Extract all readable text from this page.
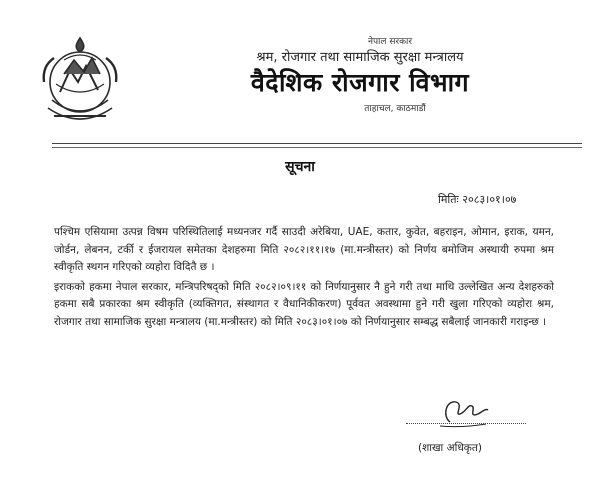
नेपाल सरकार
श्रम, रोजगार तथा सामाजिक सुरक्षा मन्त्रालय
वैदेशिक रोजगार विभाग
ताहाचल, काठमाडौं
सूचना
मितिः २०८३।०१।०७

पश्चिम एसियामा उत्पन्न विषम परिस्थितिलाई मध्यनजर गर्दै साउदी अरेबिया, UAE, कतार, कुवेत, बहराइन, ओमान, इराक, यमन, जोर्डन, लेबनन, टर्की र ईजरायल समेतका देशहरुमा मिति २०८२।११।१७ (मा.मन्त्रीस्तर) को निर्णय बमोजिम अस्थायी रुपमा श्रम स्वीकृति स्थगन गरिएको व्यहोरा विदितै छ ।

इराकको हकमा नेपाल सरकार, मन्त्रिपरिषद्को मिति २०८२।०९।११ को निर्णयानुसार नै हुने गरी तथा माथि उल्लेखित अन्य देशहरुको हकमा सबै प्रकारका श्रम स्वीकृति (व्यक्तिगत, संस्थागत र वैधानिकीकरण) पूर्ववत अवस्थामा हुने गरी खुला गरिएको व्यहोरा श्रम, रोजगार तथा सामाजिक सुरक्षा मन्त्रालय (मा.मन्त्रीस्तर) को मिति २०८३।०१।०७ को निर्णयानुसार सम्बद्ध सबैलाई जानकारी गराइन्छ ।

(शाखा अधिकृत)
